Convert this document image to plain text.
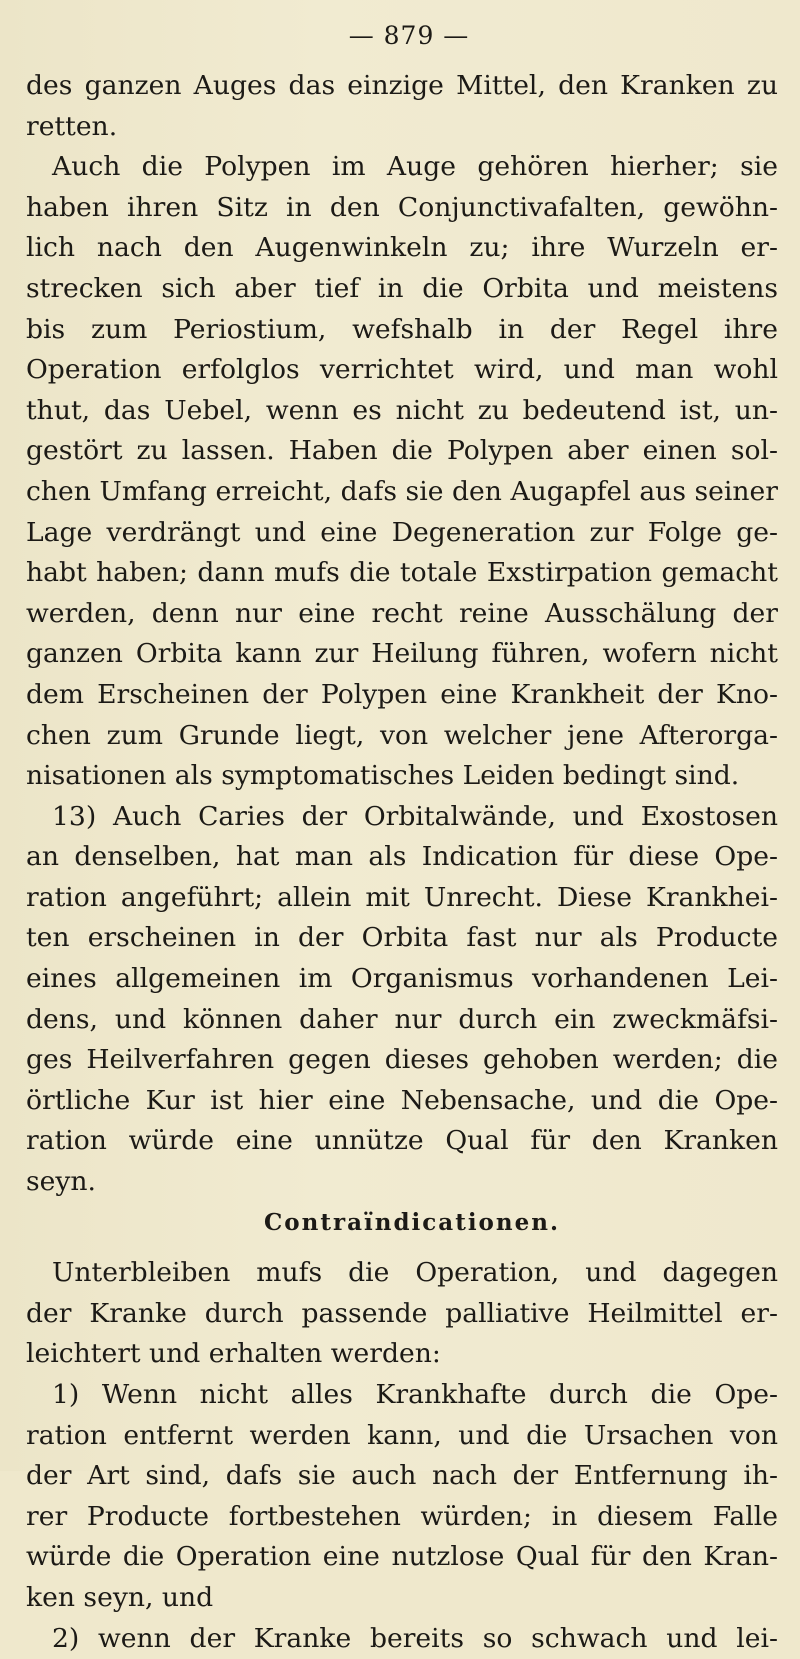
— 879 —
des ganzen Auges das einzige Mittel, den Kranken zu
retten.
Auch die Polypen im Auge gehören hierher; sie
haben ihren Sitz in den Conjunctivafalten, gewöhn-
lich nach den Augenwinkeln zu; ihre Wurzeln er-
strecken sich aber tief in die Orbita und meistens
bis zum Periostium, wefshalb in der Regel ihre
Operation erfolglos verrichtet wird, und man wohl
thut, das Uebel, wenn es nicht zu bedeutend ist, un-
gestört zu lassen. Haben die Polypen aber einen sol-
chen Umfang erreicht, dafs sie den Augapfel aus seiner
Lage verdrängt und eine Degeneration zur Folge ge-
habt haben; dann mufs die totale Exstirpation gemacht
werden, denn nur eine recht reine Ausschälung der
ganzen Orbita kann zur Heilung führen, wofern nicht
dem Erscheinen der Polypen eine Krankheit der Kno-
chen zum Grunde liegt, von welcher jene Afterorga-
nisationen als symptomatisches Leiden bedingt sind.
13) Auch Caries der Orbitalwände, und Exostosen
an denselben, hat man als Indication für diese Ope-
ration angeführt; allein mit Unrecht. Diese Krankhei-
ten erscheinen in der Orbita fast nur als Producte
eines allgemeinen im Organismus vorhandenen Lei-
dens, und können daher nur durch ein zweckmäfsi-
ges Heilverfahren gegen dieses gehoben werden; die
örtliche Kur ist hier eine Nebensache, und die Ope-
ration würde eine unnütze Qual für den Kranken
seyn.
Contraïndicationen.
Unterbleiben mufs die Operation, und dagegen
der Kranke durch passende palliative Heilmittel er-
leichtert und erhalten werden:
1) Wenn nicht alles Krankhafte durch die Ope-
ration entfernt werden kann, und die Ursachen von
der Art sind, dafs sie auch nach der Entfernung ih-
rer Producte fortbestehen würden; in diesem Falle
würde die Operation eine nutzlose Qual für den Kran-
ken seyn, und
2) wenn der Kranke bereits so schwach und lei-
